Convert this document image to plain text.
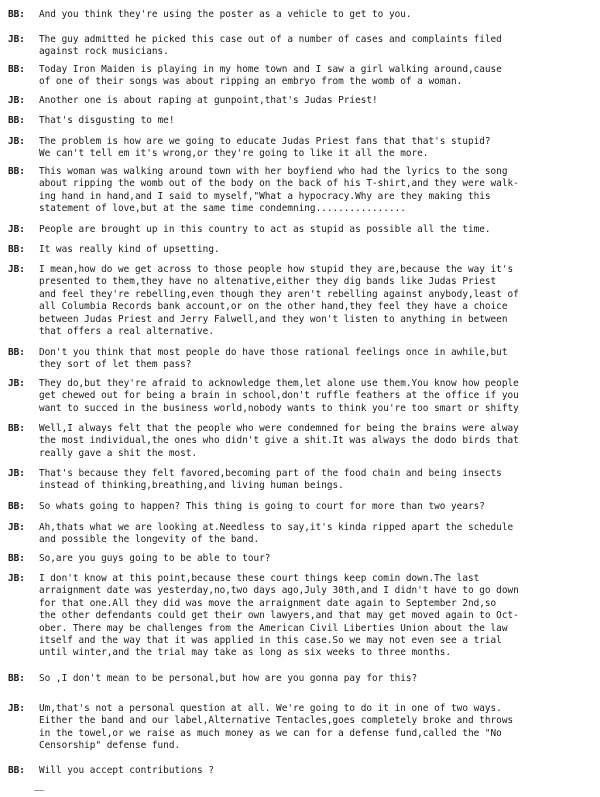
BB:	And you think they're using the poster as a vehicle to get to you.
JB:	The guy admitted he picked this case out of a number of cases and complaints filed
against rock musicians.
BB:	Today Iron Maiden is playing in my home town and I saw a girl walking around,cause
of one of their songs was about ripping an embryo from the womb of a woman.
JB:	Another one is about raping at gunpoint,that's Judas Priest!
BB:	That's disgusting to me!
JB:	The problem is how are we going to educate Judas Priest fans that that's stupid?
We can't tell em it's wrong,or they're going to like it all the more.
BB:	This woman was walking around town with her boyfiend who had the lyrics to the song
about ripping the womb out of the body on the back of his T-shirt,and they were walk-
ing hand in hand,and I said to myself,"What a hypocracy.Why are they making this
statement of love,but at the same time condemning................
JB:	People are brought up in this country to act as stupid as possible all the time.
BB:	It was really kind of upsetting.
JB:	I mean,how do we get across to those people how stupid they are,because the way it's
presented to them,they have no altenative,either they dig bands like Judas Priest
and feel they're rebelling,even though they aren't rebelling against anybody,least of
all Columbia Records bank account,or on the other hand,they feel they have a choice
between Judas Priest and Jerry Falwell,and they won't listen to anything in between
that offers a real alternative.
BB:	Don't you think that most people do have those rational feelings once in awhile,but
they sort of let them pass?
JB:	They do,but they're afraid to acknowledge them,let alone use them.You know how people
get chewed out for being a brain in school,don't ruffle feathers at the office if you
want to succed in the business world,nobody wants to think you're too smart or shifty
BB:	Well,I always felt that the people who were condemned for being the brains were alway
the most individual,the ones who didn't give a shit.It was always the dodo birds that
really gave a shit the most.
JB:	That's because they felt favored,becoming part of the food chain and being insects
instead of thinking,breathing,and living human beings.
BB:	So whats going to happen? This thing is going to court for more than two years?
JB:	Ah,thats what we are looking at.Needless to say,it's kinda ripped apart the schedule
and possible the longevity of the band.
BB:	So,are you guys going to be able to tour?
JB:	I don't know at this point,because these court things keep comin down.The last
arraignment date was yesterday,no,two days ago,July 30th,and I didn't have to go down
for that one.All they did was move the arraignment date again to September 2nd,so
the other defendants could get their own lawyers,and that may get moved again to Oct-
ober. There may be challenges from the American Civil Liberties Union about the law
itself and the way that it was applied in this case.So we may not even see a trial
until winter,and the trial may take as long as six weeks to three months.
BB:	So ,I don't mean to be personal,but how are you gonna pay for this?
JB:	Um,that's not a personal question at all. We're going to do it in one of two ways.
Either the band and our label,Alternative Tentacles,goes completely broke and throws
in the towel,or we raise as much money as we can for a defense fund,called the "No
Censorship" defense fund.
BB:	Will you accept contributions ?
